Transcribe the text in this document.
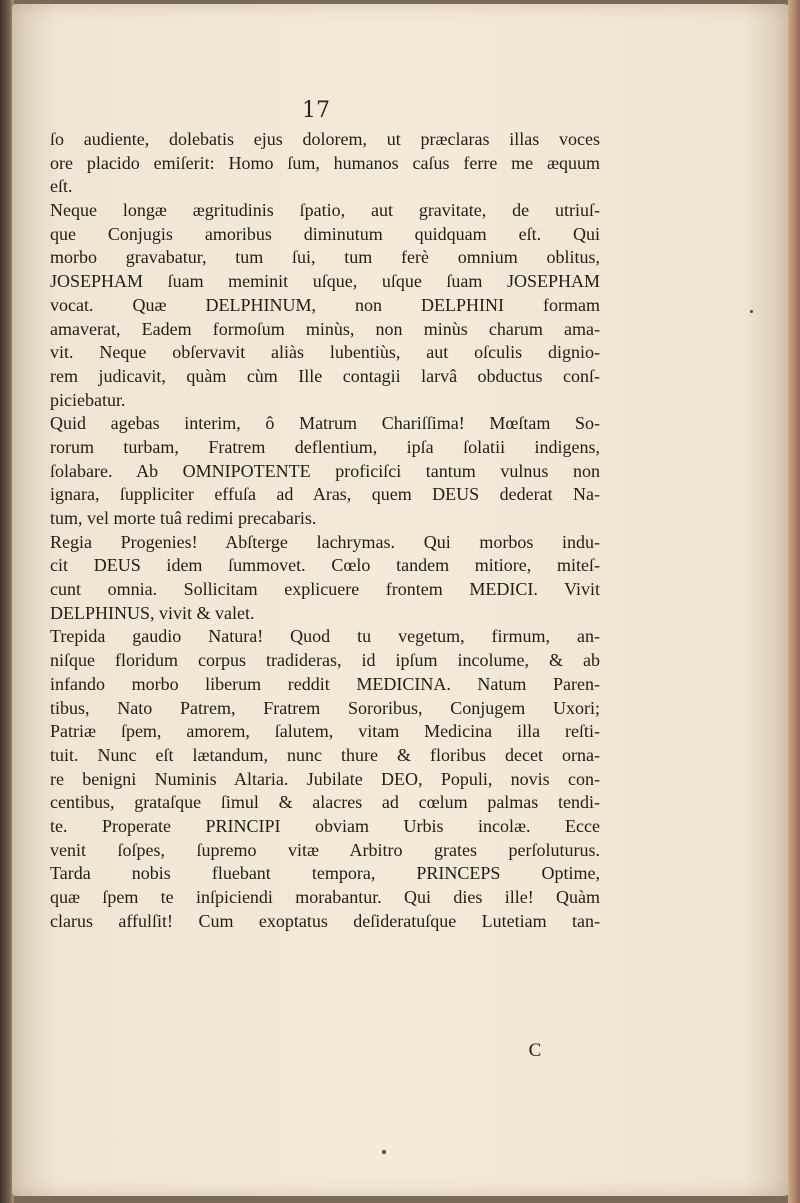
17
ſo audiente, dolebatis ejus dolorem, ut præclaras illas voces
ore placido emiſerit: Homo ſum, humanos caſus ferre me æquum
eſt.
Neque longæ ægritudinis ſpatio, aut gravitate, de utriuſ-
que Conjugis amoribus diminutum quidquam eſt. Qui
morbo gravabatur, tum ſui, tum ferè omnium oblitus,
JOSEPHAM ſuam meminit uſque, uſque ſuam JOSEPHAM
vocat. Quæ DELPHINUM, non DELPHINI formam
amaverat, Eadem formoſum minùs, non minùs charum ama-
vit. Neque obſervavit aliàs lubentiùs, aut oſculis dignio-
rem judicavit, quàm cùm Ille contagii larvâ obductus conſ-
piciebatur.
Quid agebas interim, ô Matrum Chariſſima! Mœſtam So-
rorum turbam, Fratrem deflentium, ipſa ſolatii indigens,
ſolabare. Ab OMNIPOTENTE proficiſci tantum vulnus non
ignara, ſuppliciter effuſa ad Aras, quem DEUS dederat Na-
tum, vel morte tuâ redimi precabaris.
Regia Progenies! Abſterge lachrymas. Qui morbos indu-
cit DEUS idem ſummovet. Cœlo tandem mitiore, miteſ-
cunt omnia. Sollicitam explicuere frontem MEDICI. Vivit
DELPHINUS, vivit & valet.
Trepida gaudio Natura! Quod tu vegetum, firmum, an-
niſque floridum corpus tradideras, id ipſum incolume, & ab
infando morbo liberum reddit MEDICINA. Natum Paren-
tibus, Nato Patrem, Fratrem Sororibus, Conjugem Uxori;
Patriæ ſpem, amorem, ſalutem, vitam Medicina illa reſti-
tuit. Nunc eſt lætandum, nunc thure & floribus decet orna-
re benigni Numinis Altaria. Jubilate DEO, Populi, novis con-
centibus, grataſque ſimul & alacres ad cœlum palmas tendi-
te. Properate PRINCIPI obviam Urbis incolæ. Ecce
venit ſoſpes, ſupremo vitæ Arbitro grates perſoluturus.
Tarda nobis fluebant tempora, PRINCEPS Optime,
quæ ſpem te inſpiciendi morabantur. Qui dies ille! Quàm
clarus affulſit! Cum exoptatus deſideratuſque Lutetiam tan-
C
